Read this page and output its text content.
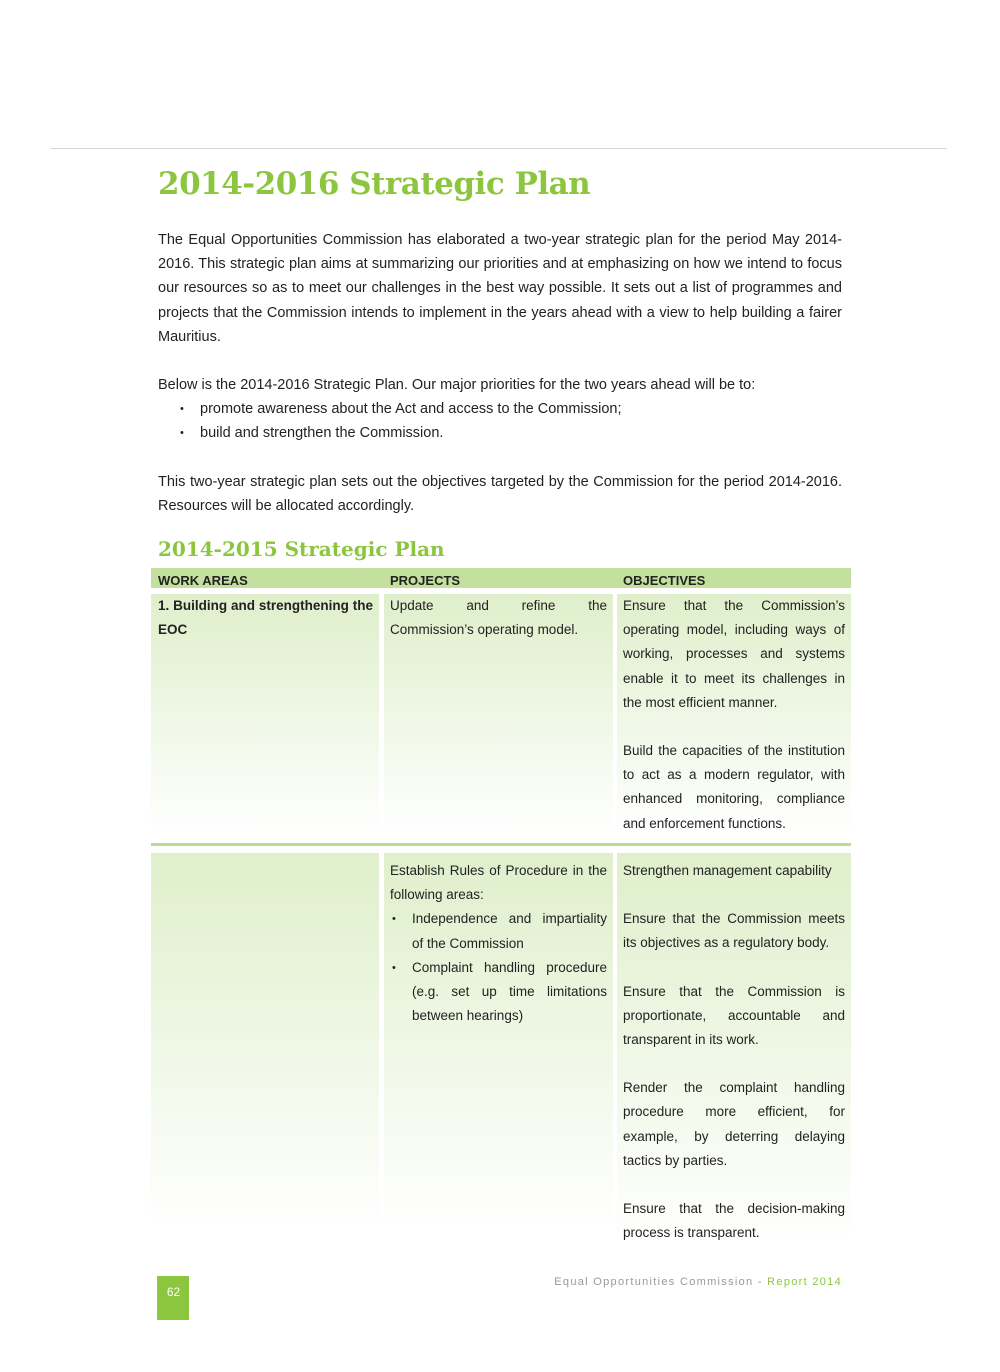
2014-2016 Strategic Plan

The Equal Opportunities Commission has elaborated a two-year strategic plan for the period May 2014-2016. This strategic plan aims at summarizing our priorities and at emphasizing on how we intend to focus our resources so as to meet our challenges in the best way possible. It sets out a list of programmes and projects that the Commission intends to implement in the years ahead with a view to help building a fairer Mauritius.

Below is the 2014-2016 Strategic Plan. Our major priorities for the two years ahead will be to:

• promote awareness about the Act and access to the Commission;
• build and strengthen the Commission.

This two-year strategic plan sets out the objectives targeted by the Commission for the period 2014-2016. Resources will be allocated accordingly.

2014-2015 Strategic Plan
WORK AREAS	PROJECTS	OBJECTIVES
1. Building and strengthening the EOC
Update and refine the Commission’s operating model.
Ensure that the Commission’s operating model, including ways of working, processes and systems enable it to meet its challenges in the most efficient manner.
Build the capacities of the institution to act as a modern regulator, with enhanced monitoring, compliance and enforcement functions.
Establish Rules of Procedure in the following areas:
• Independence and impartiality of the Commission
• Complaint handling procedure (e.g. set up time limitations between hearings)
Strengthen management capability
Ensure that the Commission meets its objectives as a regulatory body.
Ensure that the Commission is proportionate, accountable and transparent in its work.
Render the complaint handling procedure more efficient, for example, by deterring delaying tactics by parties.
Ensure that the decision-making process is transparent.
62
Equal Opportunities Commission - Report 2014
